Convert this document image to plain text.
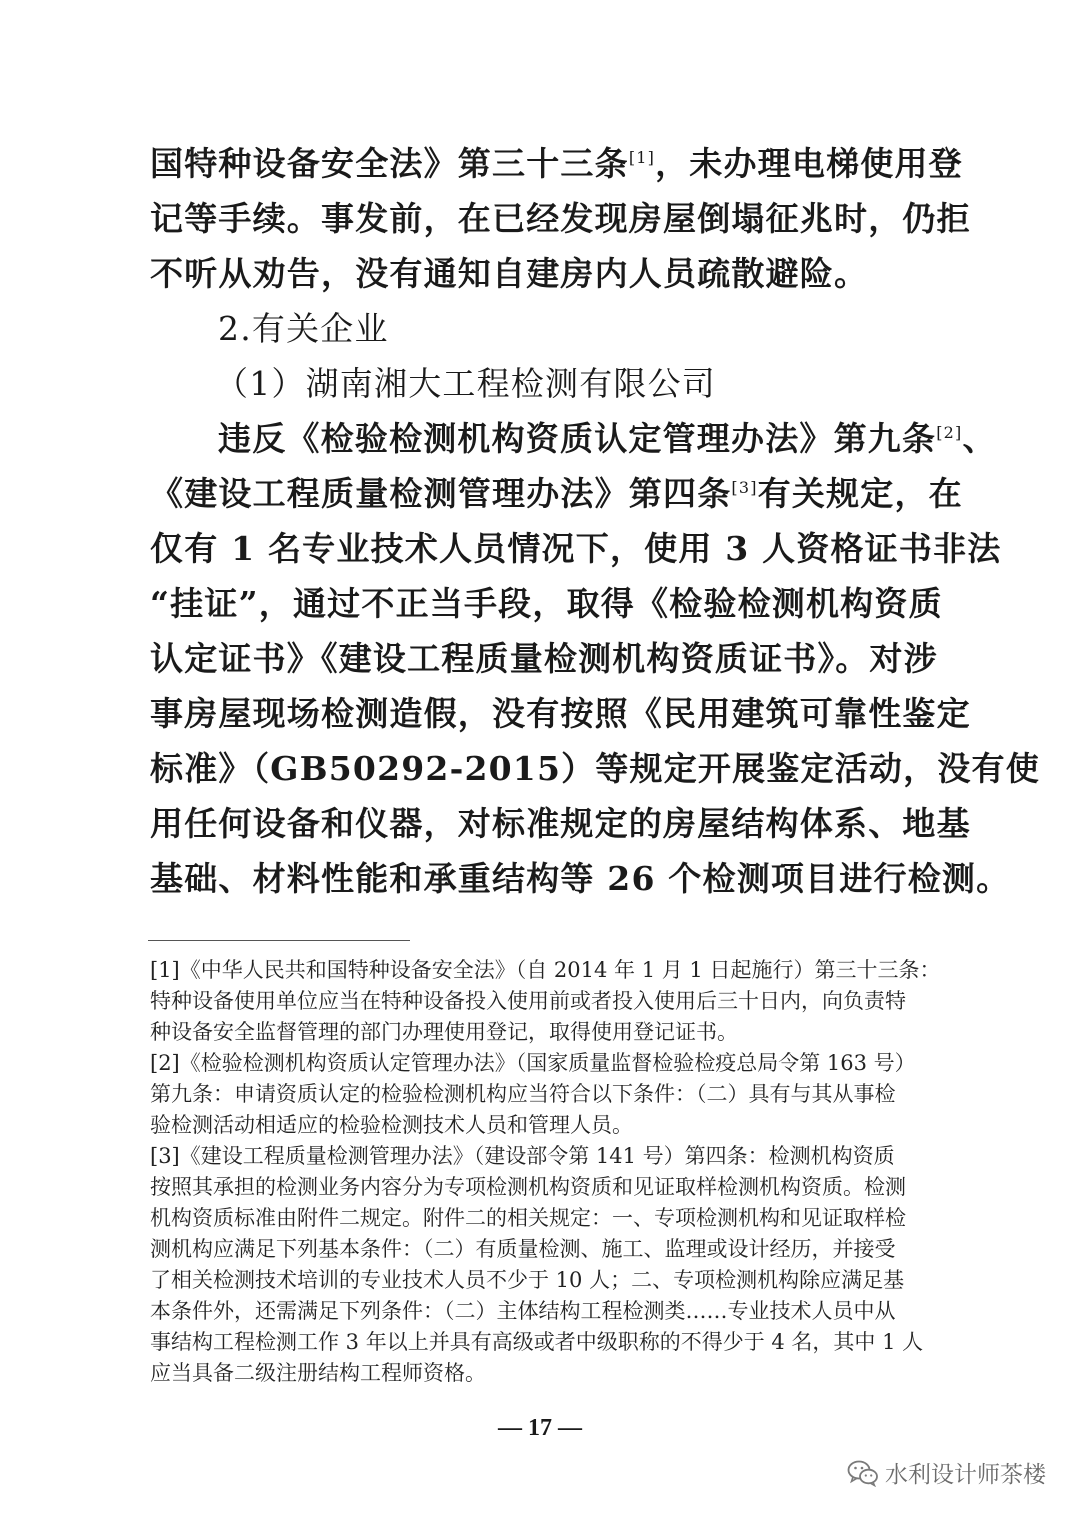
国特种设备安全法》第三十三条[1]，未办理电梯使用登
记等手续。事发前，在已经发现房屋倒塌征兆时，仍拒
不听从劝告，没有通知自建房内人员疏散避险。
2.有关企业
（1）湖南湘大工程检测有限公司
违反《检验检测机构资质认定管理办法》第九条[2]、
《建设工程质量检测管理办法》第四条[3]有关规定，在
仅有 1 名专业技术人员情况下，使用 3 人资格证书非法
“挂证”，通过不正当手段，取得《检验检测机构资质
认定证书》《建设工程质量检测机构资质证书》。对涉
事房屋现场检测造假，没有按照《民用建筑可靠性鉴定
标准》（GB50292-2015）等规定开展鉴定活动，没有使
用任何设备和仪器，对标准规定的房屋结构体系、地基
基础、材料性能和承重结构等 26 个检测项目进行检测。
[1]《中华人民共和国特种设备安全法》（自 2014 年 1 月 1 日起施行）第三十三条：
特种设备使用单位应当在特种设备投入使用前或者投入使用后三十日内，向负责特
种设备安全监督管理的部门办理使用登记，取得使用登记证书。
[2]《检验检测机构资质认定管理办法》（国家质量监督检验检疫总局令第 163 号）
第九条：申请资质认定的检验检测机构应当符合以下条件：（二）具有与其从事检
验检测活动相适应的检验检测技术人员和管理人员。
[3]《建设工程质量检测管理办法》（建设部令第 141 号）第四条：检测机构资质
按照其承担的检测业务内容分为专项检测机构资质和见证取样检测机构资质。检测
机构资质标准由附件二规定。附件二的相关规定：一、专项检测机构和见证取样检
测机构应满足下列基本条件：（二）有质量检测、施工、监理或设计经历，并接受
了相关检测技术培训的专业技术人员不少于 10 人；二、专项检测机构除应满足基
本条件外，还需满足下列条件：（二）主体结构工程检测类……专业技术人员中从
事结构工程检测工作 3 年以上并具有高级或者中级职称的不得少于 4 名，其中 1 人
应当具备二级注册结构工程师资格。
— 17 —
水利设计师茶楼
